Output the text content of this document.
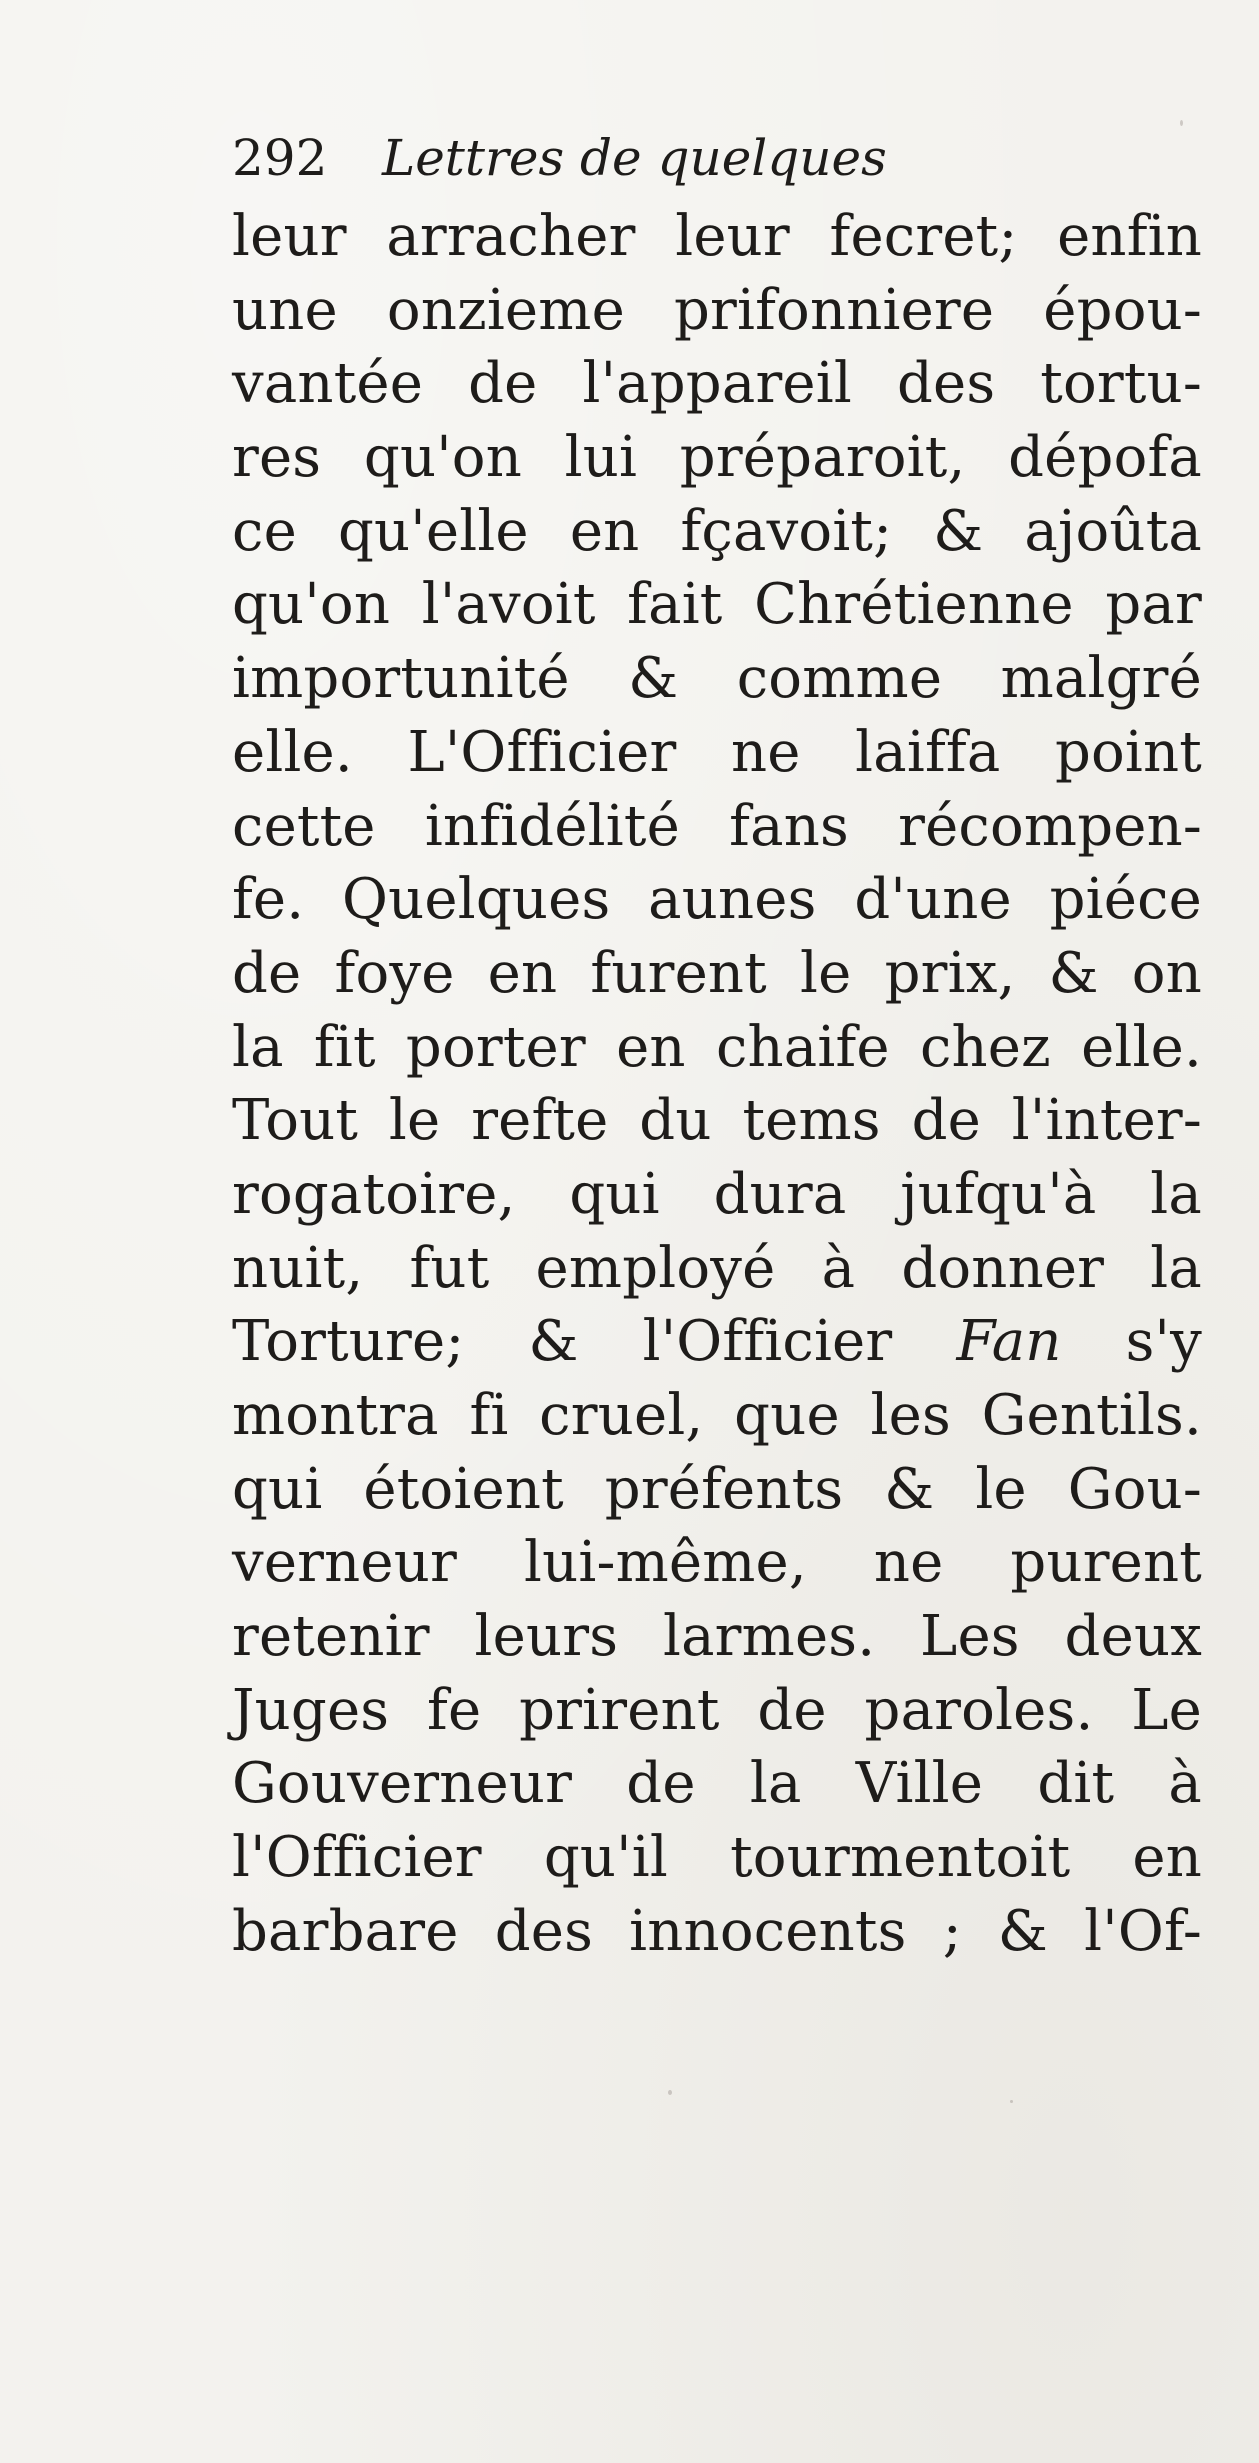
292 Lettres de quelques
leur arracher leur fecret; enfin
une onzieme prifonniere épou-
vantée de l'appareil des tortu-
res qu'on lui préparoit, dépofa
ce qu'elle en fçavoit; & ajoûta
qu'on l'avoit fait Chrétienne par
importunité & comme malgré
elle. L'Officier ne laiffa point
cette infidélité fans récompen-
fe. Quelques aunes d'une piéce
de foye en furent le prix, & on
la fit porter en chaife chez elle.
Tout le refte du tems de l'inter-
rogatoire, qui dura jufqu'à la
nuit, fut employé à donner la
Torture; & l'Officier Fan s'y
montra fi cruel, que les Gentils.
qui étoient préfents & le Gou-
verneur lui-même, ne purent
retenir leurs larmes. Les deux
Juges fe prirent de paroles. Le
Gouverneur de la Ville dit à
l'Officier qu'il tourmentoit en
barbare des innocents ; & l'Of-
